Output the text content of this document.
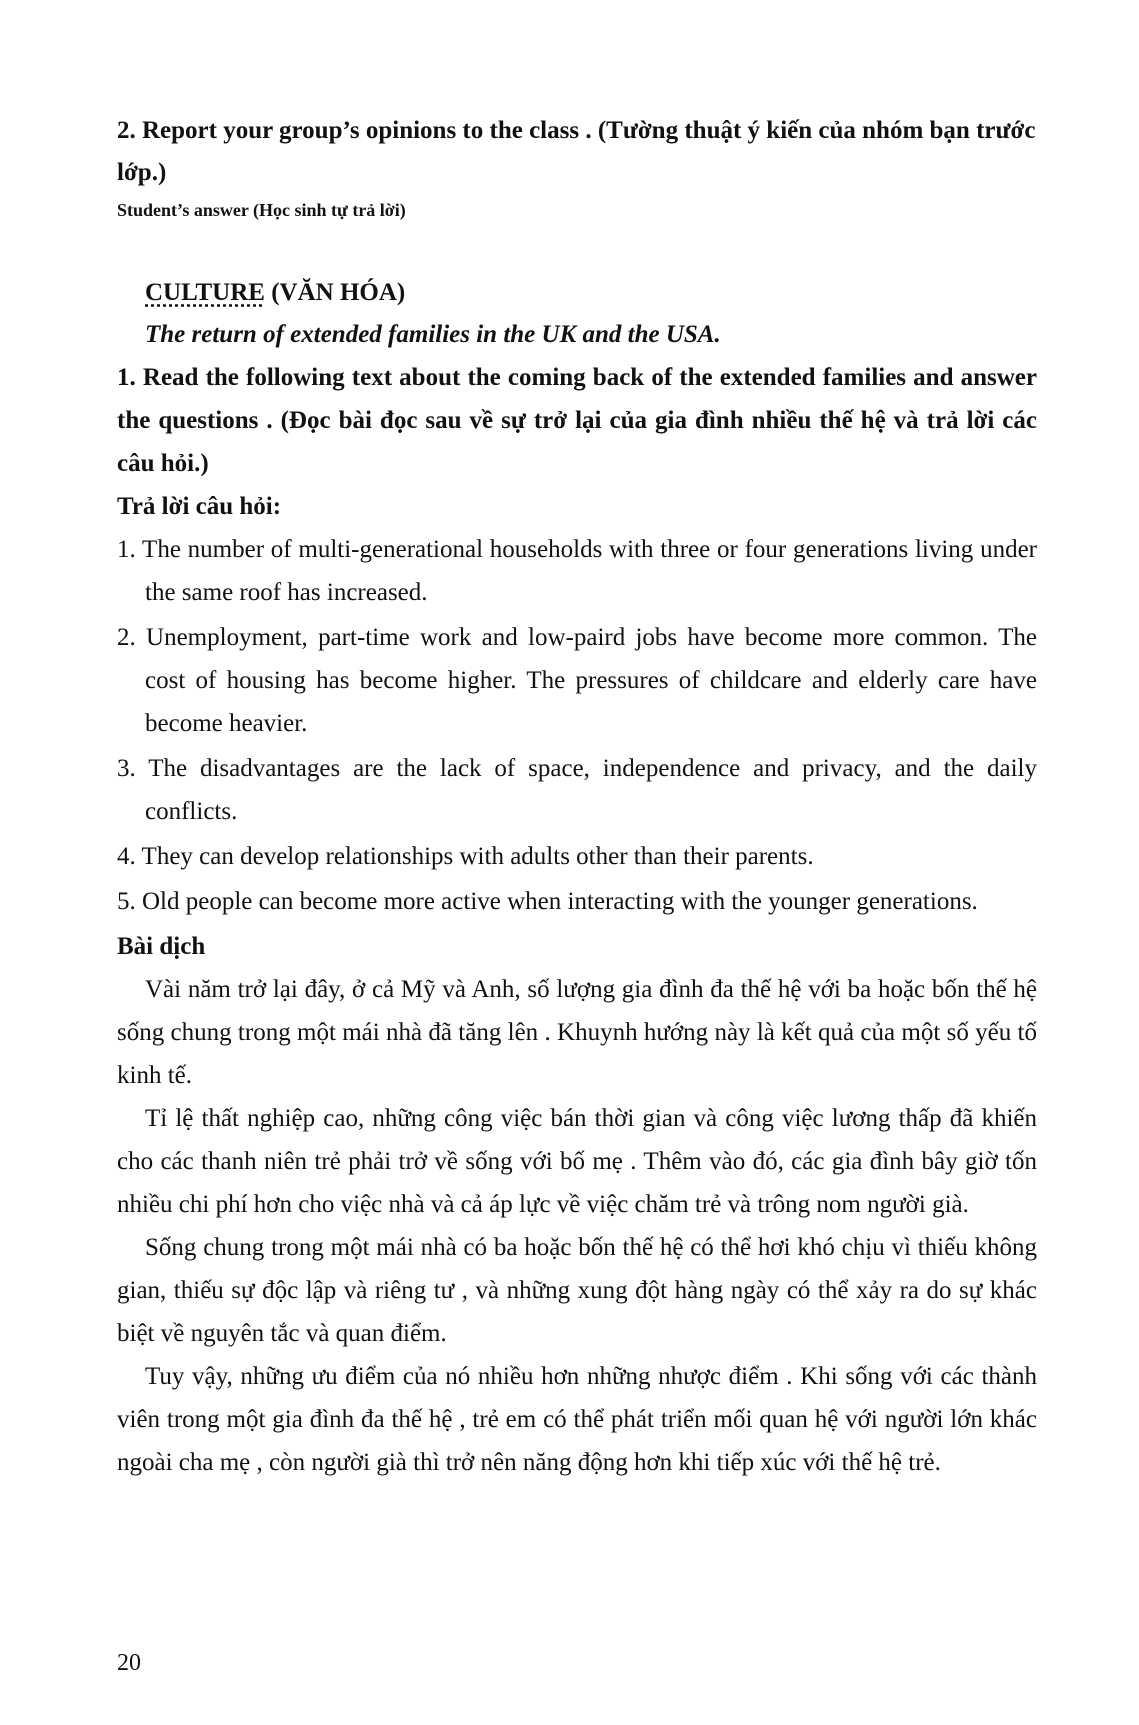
2. Report your group’s opinions to the class . (Tường thuật ý kiến của nhóm bạn trước lớp.)

Student’s answer (Học sinh tự trả lời)

CULTURE (VĂN HÓA)

The return of extended families in the UK and the USA.

1. Read the following text about the coming back of the extended families and answer the questions . (Đọc bài đọc sau về sự trở lại của gia đình nhiều thế hệ và trả lời các câu hỏi.)

Trả lời câu hỏi:

1. The number of multi-generational households with three or four generations living under the same roof has increased.
2. Unemployment, part-time work and low-paird jobs have become more common. The cost of housing has become higher. The pressures of childcare and elderly care have become heavier.
3. The disadvantages are the lack of space, independence and privacy, and the daily conflicts.
4. They can develop relationships with adults other than their parents.
5. Old people can become more active when interacting with the younger generations.

Bài dịch

Vài năm trở lại đây, ở cả Mỹ và Anh, số lượng gia đình đa thế hệ với ba hoặc bốn thế hệ sống chung trong một mái nhà đã tăng lên . Khuynh hướng này là kết quả của một số yếu tố kinh tế.

Tỉ lệ thất nghiệp cao, những công việc bán thời gian và công việc lương thấp đã khiến cho các thanh niên trẻ phải trở về sống với bố mẹ . Thêm vào đó, các gia đình bây giờ tốn nhiều chi phí hơn cho việc nhà và cả áp lực về việc chăm trẻ và trông nom người già.

Sống chung trong một mái nhà có ba hoặc bốn thế hệ có thể hơi khó chịu vì thiếu không gian, thiếu sự độc lập và riêng tư , và những xung đột hàng ngày có thể xảy ra do sự khác biệt về nguyên tắc và quan điểm.

Tuy vậy, những ưu điểm của nó nhiều hơn những nhược điểm . Khi sống với các thành viên trong một gia đình đa thế hệ , trẻ em có thể phát triển mối quan hệ với người lớn khác ngoài cha mẹ , còn người già thì trở nên năng động hơn khi tiếp xúc với thế hệ trẻ.

20
